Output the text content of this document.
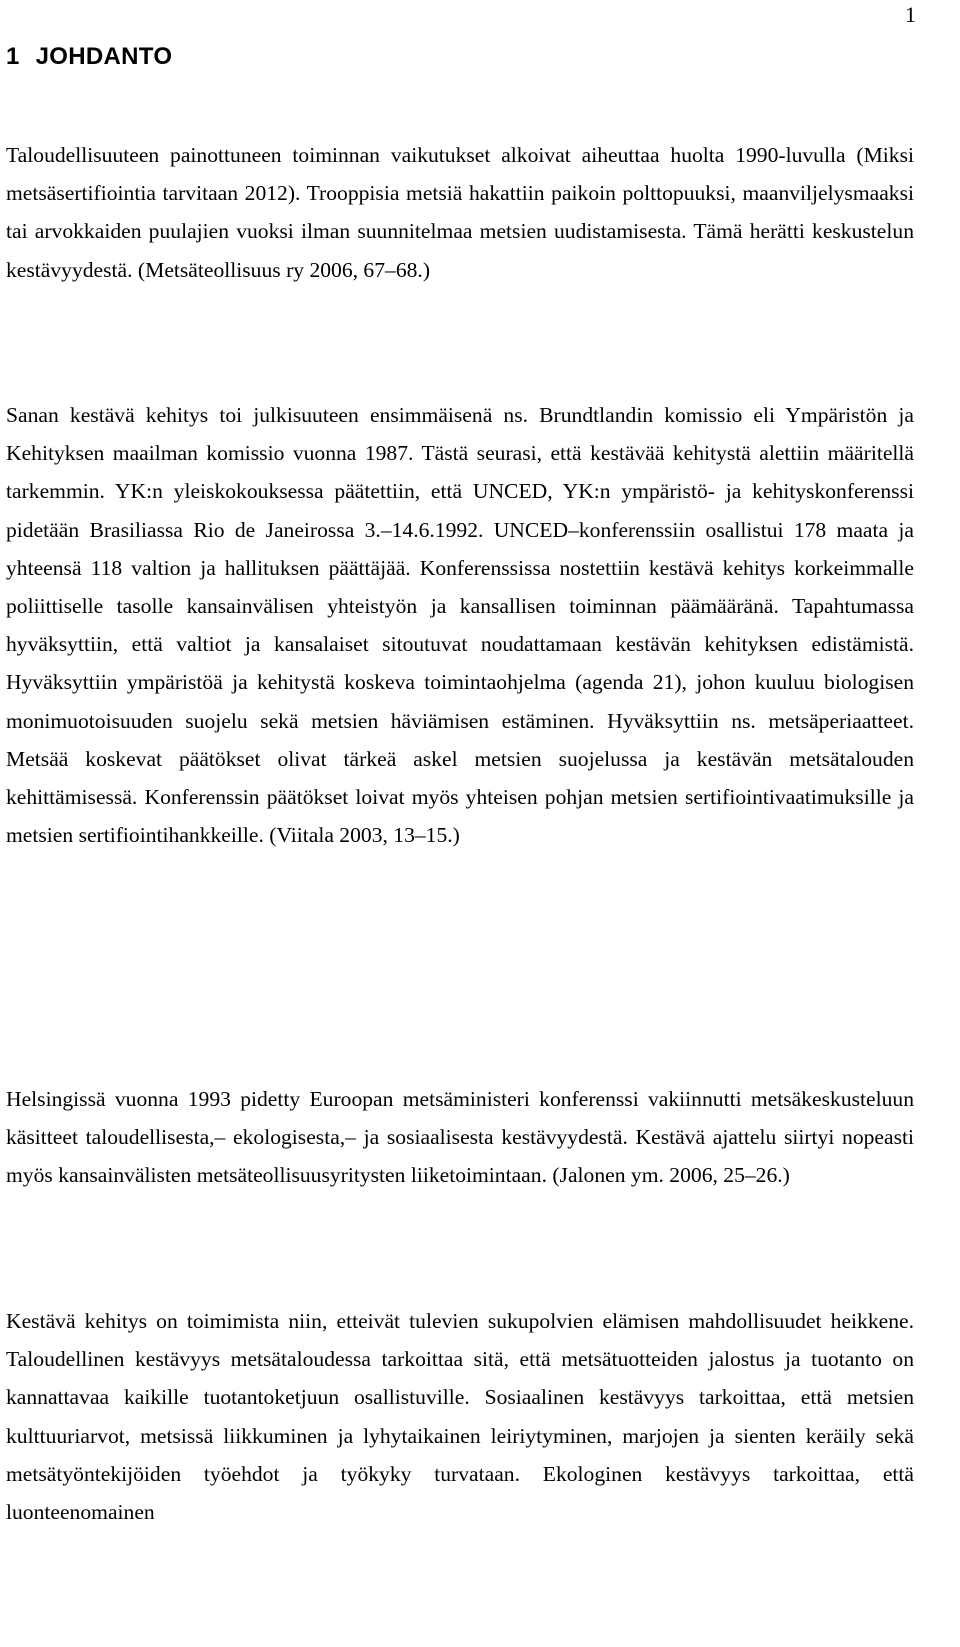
1
1 JOHDANTO

Taloudellisuuteen painottuneen toiminnan vaikutukset alkoivat aiheuttaa huolta 1990-luvulla (Miksi metsäsertifiointia tarvitaan 2012). Trooppisia metsiä hakattiin paikoin polttopuuksi, maanviljelysmaaksi tai arvokkaiden puulajien vuoksi ilman suunnitelmaa metsien uudistamisesta. Tämä herätti keskustelun kestävyydestä. (Metsäteollisuus ry 2006, 67–68.)

Sanan kestävä kehitys toi julkisuuteen ensimmäisenä ns. Brundtlandin komissio eli Ympäristön ja Kehityksen maailman komissio vuonna 1987. Tästä seurasi, että kestävää kehitystä alettiin määritellä tarkemmin. YK:n yleiskokouksessa päätettiin, että UNCED, YK:n ympäristö- ja kehityskonferenssi pidetään Brasiliassa Rio de Janeirossa 3.–14.6.1992. UNCED–konferenssiin osallistui 178 maata ja yhteensä 118 valtion ja hallituksen päättäjää. Konferenssissa nostettiin kestävä kehitys korkeimmalle poliittiselle tasolle kansainvälisen yhteistyön ja kansallisen toiminnan päämääränä. Tapahtumassa hyväksyttiin, että valtiot ja kansalaiset sitoutuvat noudattamaan kestävän kehityksen edistämistä. Hyväksyttiin ympäristöä ja kehitystä koskeva toimintaohjelma (agenda 21), johon kuuluu biologisen monimuotoisuuden suojelu sekä metsien häviämisen estäminen. Hyväksyttiin ns. metsäperiaatteet. Metsää koskevat päätökset olivat tärkeä askel metsien suojelussa ja kestävän metsätalouden kehittämisessä. Konferenssin päätökset loivat myös yhteisen pohjan metsien sertifiointivaatimuksille ja metsien sertifiointihankkeille. (Viitala 2003, 13–15.)

Helsingissä vuonna 1993 pidetty Euroopan metsäministeri konferenssi vakiinnutti metsäkeskusteluun käsitteet taloudellisesta,– ekologisesta,– ja sosiaalisesta kestävyydestä. Kestävä ajattelu siirtyi nopeasti myös kansainvälisten metsäteollisuusyritysten liiketoimintaan. (Jalonen ym. 2006, 25–26.)

Kestävä kehitys on toimimista niin, etteivät tulevien sukupolvien elämisen mahdollisuudet heikkene. Taloudellinen kestävyys metsätaloudessa tarkoittaa sitä, että metsätuotteiden jalostus ja tuotanto on kannattavaa kaikille tuotantoketjuun osallistuville. Sosiaalinen kestävyys tarkoittaa, että metsien kulttuuriarvot, metsissä liikkuminen ja lyhytaikainen leiriytyminen, marjojen ja sienten keräily sekä metsätyöntekijöiden työehdot ja työkyky turvataan. Ekologinen kestävyys tarkoittaa, että luonteenomainen
